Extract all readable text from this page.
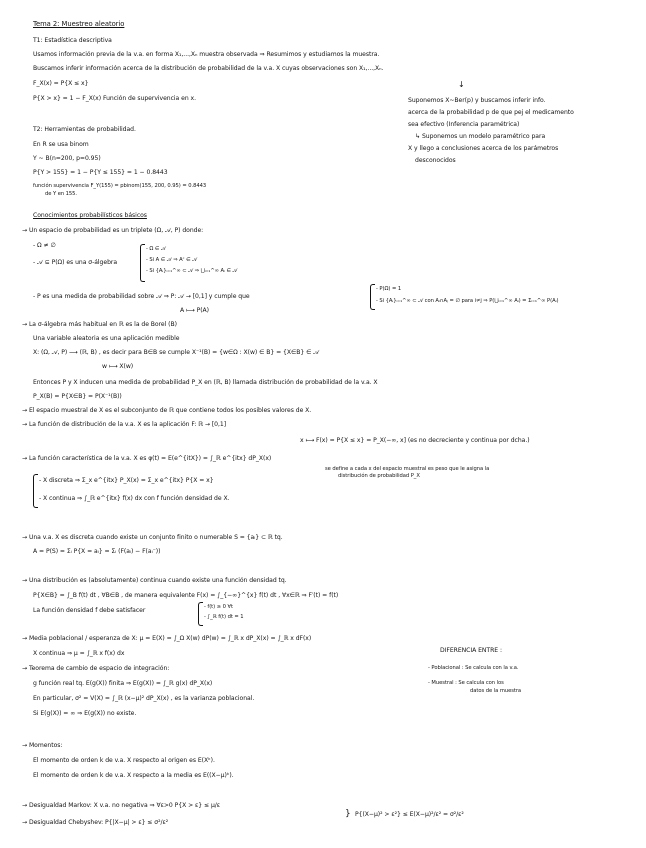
Tema 2: Muestreo aleatorio
T1: Estadística descriptiva
Usamos información previa de la v.a. en forma X₁,...,Xₙ muestra observada ⇒ Resumimos y estudiamos la muestra.
Buscamos inferir información acerca de la distribución de probabilidad de la v.a. X cuyas observaciones son X₁,...,Xₙ.
F_X(x) = P{X ≤ x}
P{X > x} = 1 − F_X(x) Función de supervivencia en x.
↓
Suponemos X~Ber(p) y buscamos inferir info.
acerca de la probabilidad p de que pej el medicamento
sea efectivo (Inferencia paramétrica)
↳ Suponemos un modelo paramétrico para
X y llego a conclusiones acerca de los parámetros
desconocidos
T2: Herramientas de probabilidad.
En R se usa binom
Y ~ B(n=200, p=0.95)
P{Y > 155} = 1 − P{Y ≤ 155} = 1 − 0.8443
función supervivencia F_Y(155) = pbinom(155, 200, 0.95) = 0.8443
de Y en 155.
Conocimientos probabilísticos básicos
→ Un espacio de probabilidad es un triplete (Ω, 𝒜, P) donde:
- Ω ≠ ∅
- 𝒜 ⊆ P(Ω) es una σ-álgebra
- Ω ∈ 𝒜
- Si A ∈ 𝒜 ⇒ Aᶜ ∈ 𝒜
- Si {Aᵢ}ᵢ₌₁^∞ ⊂ 𝒜 ⇒ ⋃ᵢ₌₁^∞ Aᵢ ∈ 𝒜
- P es una medida de probabilidad sobre 𝒜 ⇒ P: 𝒜 → [0,1] y cumple que
A ⟼ P(A)
- P(Ω) = 1
- Si {Aᵢ}ᵢ₌₁^∞ ⊂ 𝒜 con Aᵢ∩Aⱼ = ∅ para i≠j ⇒ P(⋃ᵢ₌₁^∞ Aᵢ) = Σᵢ₌₁^∞ P(Aᵢ)
→ La σ-álgebra más habitual en ℝ es la de Borel (B)
Una variable aleatoria es una aplicación medible
X: (Ω, 𝒜, P) ⟶ (ℝ, B) , es decir para B∈B se cumple X⁻¹(B) = {w∈Ω : X(w) ∈ B} = {X∈B} ∈ 𝒜
w ⟼ X(w)
Entonces P y X inducen una medida de probabilidad P_X en (ℝ, B) llamada distribución de probabilidad de la v.a. X
P_X(B) = P{X∈B} = P(X⁻¹(B))
→ El espacio muestral de X es el subconjunto de ℝ que contiene todos los posibles valores de X.
→ La función de distribución de la v.a. X es la aplicación F: ℝ → [0,1]
x ⟼ F(x) = P{X ≤ x} = P_X(−∞, x] (es no decreciente y continua por dcha.)
→ La función característica de la v.a. X es φ(t) = E(e^{itX}) = ∫_ℝ e^{itx} dP_X(x)
se define a cada x del espacio muestral es peso que le asigna la
distribución de probabilidad P_X
- X discreta ⇒ Σ_x e^{itx} P_X(x) = Σ_x e^{itx} P{X = x}
- X continua ⇒ ∫_ℝ e^{itx} f(x) dx con f función densidad de X.
→ Una v.a. X es discreta cuando existe un conjunto finito o numerable S = {aᵢ} ⊂ ℝ tq.
A = P(S) = Σᵢ P{X = aᵢ} = Σᵢ (F(aᵢ) − F(aᵢ⁻))
→ Una distribución es (absolutamente) continua cuando existe una función densidad tq.
P{X∈B} = ∫_B f(t) dt , ∀B∈B , de manera equivalente F(x) = ∫_{−∞}^{x} f(t) dt , ∀x∈ℝ ⇒ F′(t) = f(t)
La función densidad f debe satisfacer	- f(t) ≥ 0 ∀t
- ∫_ℝ f(t) dt = 1
→ Media poblacional / esperanza de X: μ = E(X) = ∫_Ω X(w) dP(w) = ∫_ℝ x dP_X(x) = ∫_ℝ x dF(x)
X continua ⇒ μ = ∫_ℝ x f(x) dx
→ Teorema de cambio de espacio de integración:
g función real tq. E(g(X)) finita ⇒ E(g(X)) = ∫_ℝ g(x) dP_X(x)
En particular, σ² = V(X) = ∫_ℝ (x−μ)² dP_X(x) , es la varianza poblacional.
Si E(g(X)) = ∞ ⇒ E(g(X)) no existe.
DIFERENCIA ENTRE :
- Poblacional : Se calcula con la v.a.
- Muestral : Se calcula con los
datos de la muestra
→ Momentos:
El momento de orden k de v.a. X respecto al origen es E(Xᵏ).
El momento de orden k de v.a. X respecto a la media es E((X−μ)ᵏ).
→ Desigualdad Markov: X v.a. no negativa ⇒ ∀ε>0 P{X > ε} ≤ μ/ε
→ Desigualdad Chebyshev: P{|X−μ| > ε} ≤ σ²/ε²
} P{(X−μ)² > ε²} ≤ E(X−μ)²/ε² = σ²/ε²
